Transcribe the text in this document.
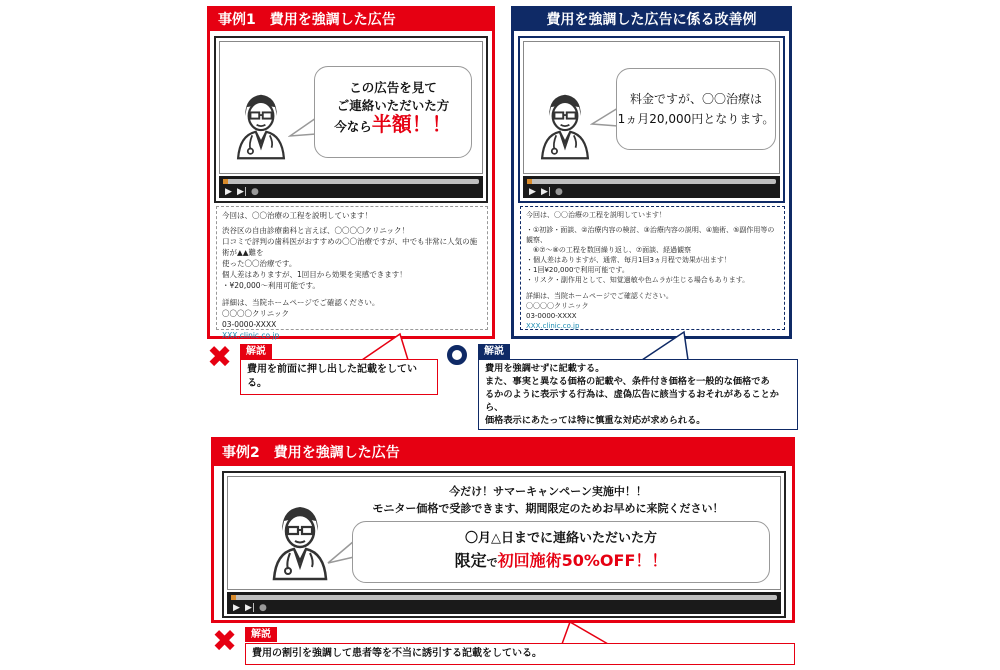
事例1　費用を強調した広告
この広告を見て
ご連絡いただいた方
今なら半額！！
▶ ▶| ●
今回は、〇〇治療の工程を説明しています！
渋谷区の自由診療歯科と言えば、〇〇〇〇クリニック！
口コミで評判の歯科医がおすすめの〇〇治療ですが、中でも非常に人気の施術が▲▲難を
使った〇〇治療です。
個人差はありますが、1回目から効果を実感できます！
・¥20,000〜利用可能です。
詳細は、当院ホームページでご確認ください。
〇〇〇〇クリニック
03-0000-XXXX
XXX.clinic.co.jp
✖	解説
費用を前面に押し出した記載をしている。
費用を強調した広告に係る改善例
料金ですが、〇〇治療は
1ヵ月20,000円となります。
▶ ▶| ●
今回は、〇〇治療の工程を説明しています！
・①初診・面談、②治療内容の検討、③治療内容の説明、④施術、⑤副作用等の観察、
　⑥⑦〜⑧の工程を数回繰り返し、⑦面談、経過観察
・個人差はありますが、通常、毎月1回3ヵ月程で効果が出ます！
・1回¥20,000で利用可能です。
・リスク・副作用として、知覚過敏や色ムラが生じる場合もあります。
詳細は、当院ホームページでご確認ください。
〇〇〇〇クリニック
03-0000-XXXX
XXX.clinic.co.jp
解説
費用を強調せずに記載する。
また、事実と異なる価格の記載や、条件付き価格を一般的な価格であ
るかのように表示する行為は、虚偽広告に該当するおそれがあることから、
価格表示にあたっては特に慎重な対応が求められる。
事例2　費用を強調した広告
今だけ！サマーキャンペーン実施中！！
モニター価格で受診できます、期間限定のためお早めに来院ください！
〇月△日までに連絡いただいた方
限定で初回施術50%OFF！！
▶ ▶| ●
✖	解説
費用の割引を強調して患者等を不当に誘引する記載をしている。
